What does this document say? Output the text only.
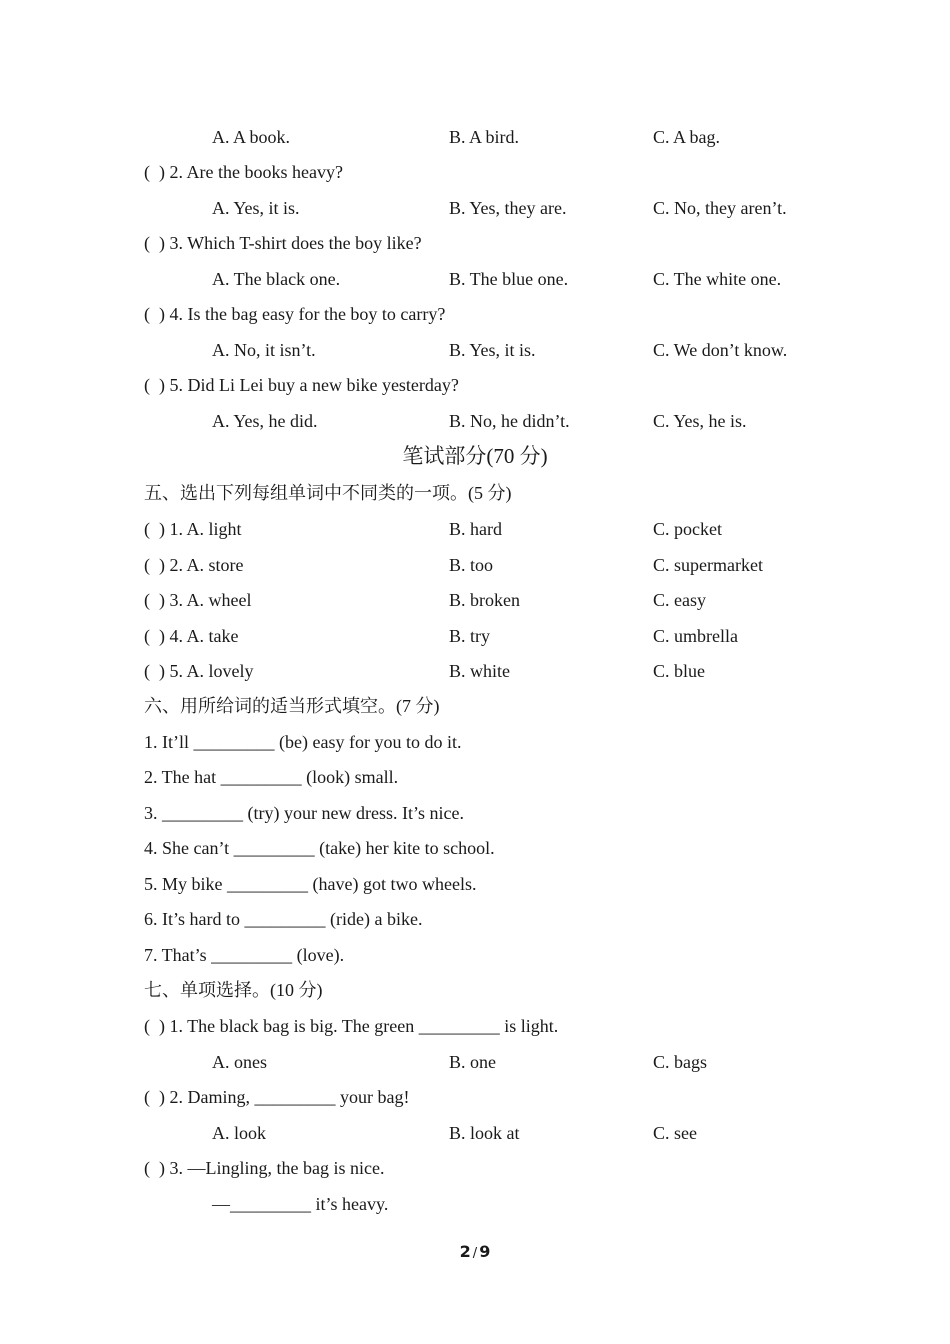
A. A book.	B. A bird.	C. A bag.
(  ) 2. Are the books heavy?
A. Yes, it is.	B. Yes, they are.	C. No, they aren’t.
(  ) 3. Which T-shirt does the boy like?
A. The black one.	B. The blue one.	C. The white one.
(  ) 4. Is the bag easy for the boy to carry?
A. No, it isn’t.	B. Yes, it is.	C. We don’t know.
(  ) 5. Did Li Lei buy a new bike yesterday?
A. Yes, he did.	B. No, he didn’t.	C. Yes, he is.
笔试部分(70 分)
五、选出下列每组单词中不同类的一项。(5 分)
(  ) 1. A. light	B. hard	C. pocket
(  ) 2. A. store	B. too	C. supermarket
(  ) 3. A. wheel	B. broken	C. easy
(  ) 4. A. take	B. try	C. umbrella
(  ) 5. A. lovely	B. white	C. blue
六、用所给词的适当形式填空。(7 分)
1. It’ll _________ (be) easy for you to do it.
2. The hat _________ (look) small.
3. _________ (try) your new dress. It’s nice.
4. She can’t _________ (take) her kite to school.
5. My bike _________ (have) got two wheels.
6. It’s hard to _________ (ride) a bike.
7. That’s _________ (love).
七、单项选择。(10 分)
(  ) 1. The black bag is big. The green _________ is light.
A. ones	B. one	C. bags
(  ) 2. Daming, _________ your bag!
A. look	B. look at	C. see
(  ) 3. —Lingling, the bag is nice.
—_________ it’s heavy.
2 / 9
